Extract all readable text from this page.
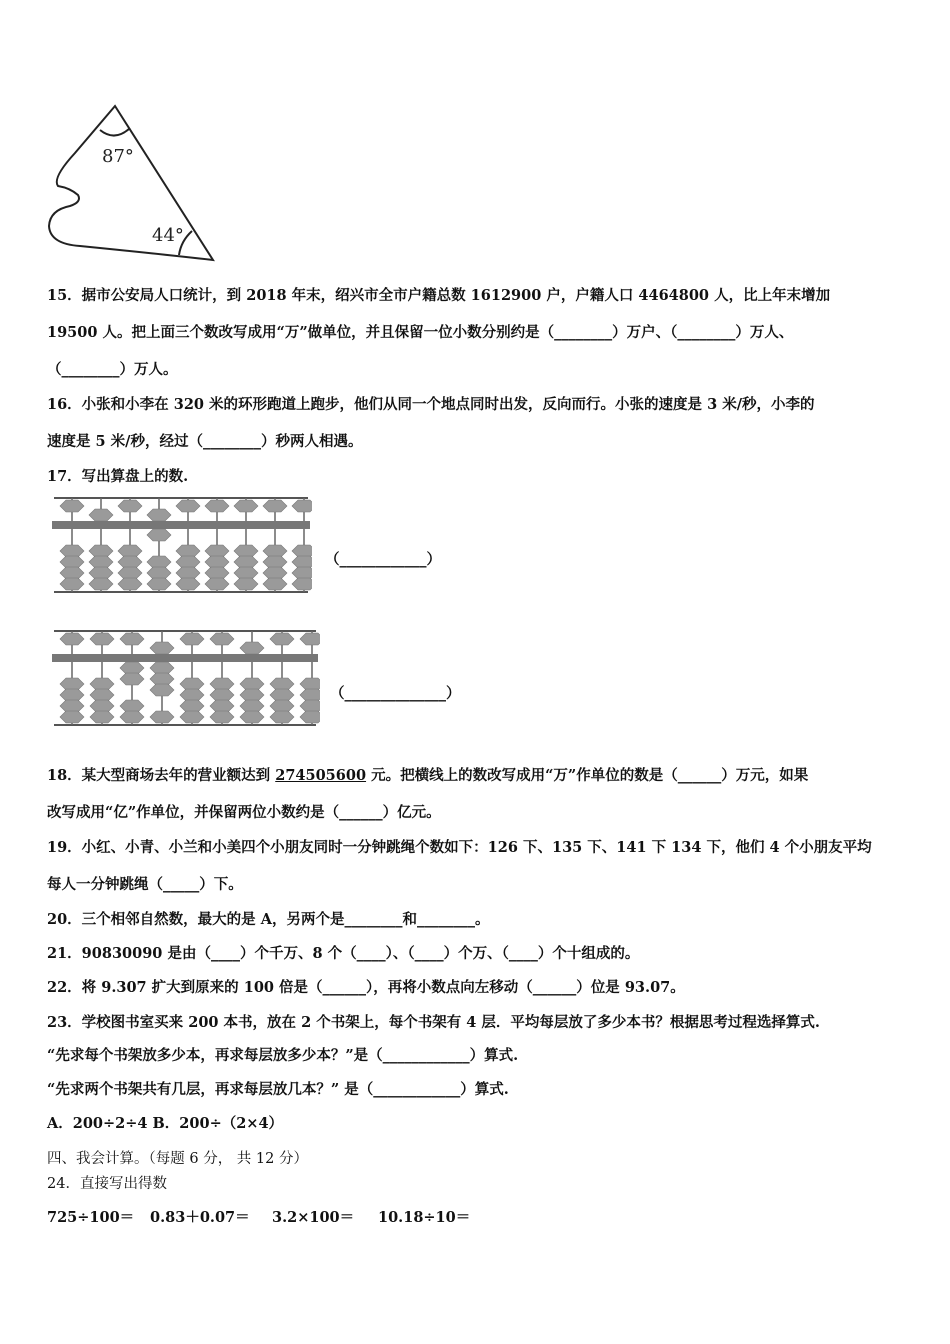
87°
44°
15．据市公安局人口统计，到 2018 年末，绍兴市全市户籍总数 1612900 户，户籍人口 4464800 人，比上年末增加
19500 人。把上面三个数改写成用“万”做单位，并且保留一位小数分别约是（________）万户、（________）万人、
（________）万人。
16．小张和小李在 320 米的环形跑道上跑步，他们从同一个地点同时出发，反向而行。小张的速度是 3 米/秒，小李的
速度是 5 米/秒，经过（________）秒两人相遇。
17．写出算盘上的数.
（____________）
（______________）
18．某大型商场去年的营业额达到 274505600 元。把横线上的数改写成用“万”作单位的数是（______）万元，如果
改写成用“亿”作单位，并保留两位小数约是（______）亿元。
19．小红、小青、小兰和小美四个小朋友同时一分钟跳绳个数如下：126 下、135 下、141 下 134 下，他们 4 个小朋友平均
每人一分钟跳绳（_____）下。
20．三个相邻自然数，最大的是 A，另两个是________和________。
21．90830090 是由（____）个千万、8 个（____）、（____）个万、（____）个十组成的。
22．将 9.307 扩大到原来的 100 倍是（______），再将小数点向左移动（______）位是 93.07。
23．学校图书室买来 200 本书，放在 2 个书架上，每个书架有 4 层．平均每层放了多少本书？根据思考过程选择算式.
“先求每个书架放多少本，再求每层放多少本？”是（____________）算式.
“先求两个书架共有几层，再求每层放几本？” 是（____________）算式.
A．200÷2÷4 B．200÷（2×4）
四、我会计算。（每题 6 分， 共 12 分）
24．直接写出得数
725÷100＝ 0.83＋0.07＝ 3.2×100＝ 10.18÷10＝
